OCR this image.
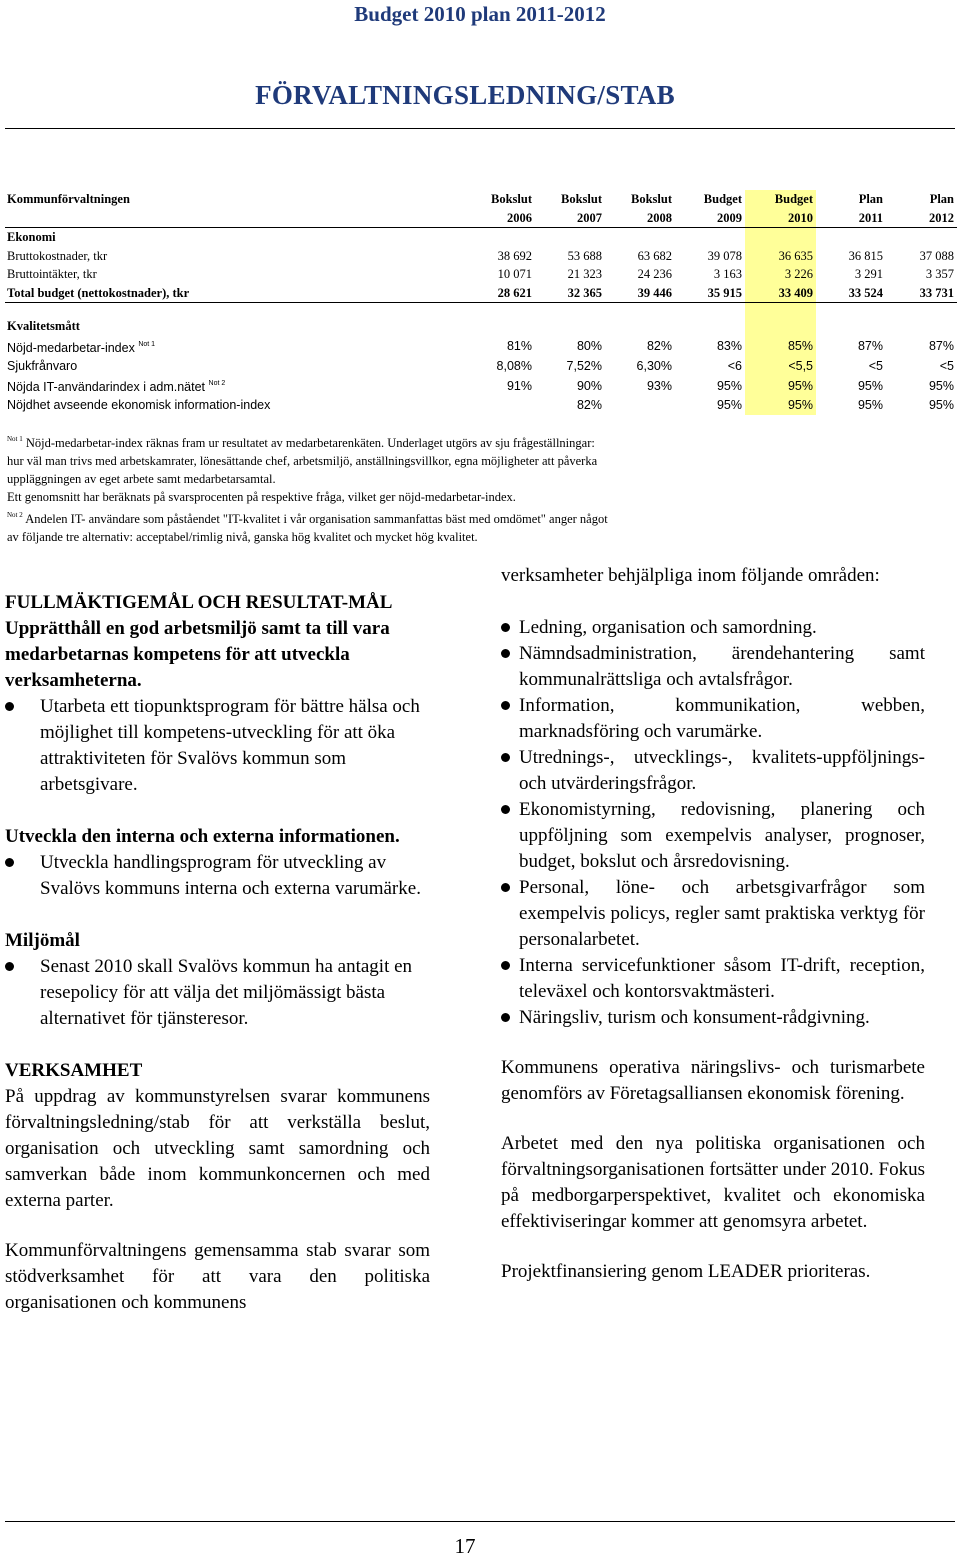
Budget 2010 plan 2011-2012
FÖRVALTNINGSLEDNING/STAB
Kommunförvaltningen	Bokslut	Bokslut	Bokslut	Budget	Budget	Plan	Plan
	2006	2007	2008	2009	2010	2011	2012
Ekonomi							
Bruttokostnader, tkr	38 692	53 688	63 682	39 078	36 635	36 815	37 088
Bruttointäkter, tkr	10 071	21 323	24 236	3 163	3 226	3 291	3 357
Total budget (nettokostnader), tkr	28 621	32 365	39 446	35 915	33 409	33 524	33 731

Kvalitetsmått							
Nöjd-medarbetar-index $^{Not 1}$	81%	80%	82%	83%	85%	87%	87%
Sjukfrånvaro	8,08%	7,52%	6,30%	<6	<5,5	<5	<5
Nöjda IT-användarindex i adm.nätet $^{Not 2}$	91%	90%	93%	95%	95%	95%	95%
Nöjdhet avseende ekonomisk information-index		82%		95%	95%	95%	95%

$^{Not 1}$ Nöjd-medarbetar-index räknas fram ur resultatet av medarbetarenkäten. Underlaget utgörs av sju frågeställningar:

hur väl man trivs med arbetskamrater, lönesättande chef, arbetsmiljö, anställningsvillkor, egna möjligheter att påverka

uppläggningen av eget arbete samt medarbetarsamtal.

Ett genomsnitt har beräknats på svarsprocenten på respektive fråga, vilket ger nöjd-medarbetar-index.

$^{Not 2}$ Andelen IT- användare som påståendet "IT-kvalitet i vår organisation sammanfattas bäst med omdömet" anger något

av följande tre alternativ: acceptabel/rimlig nivå, ganska hög kvalitet och mycket hög kvalitet.

FULLMÄKTIGEMÅL OCH RESULTAT-MÅL

Upprätthåll en god arbetsmiljö samt ta till vara medarbetarnas kompetens för att utveckla verksamheterna.

Utarbeta ett tiopunktsprogram för bättre hälsa och möjlighet till kompetens-utveckling för att öka attraktiviteten för Svalövs kommun som arbetsgivare.

Utveckla den interna och externa informationen.

Utveckla handlingsprogram för utveckling av Svalövs kommuns interna och externa varumärke.

Miljömål

Senast 2010 skall Svalövs kommun ha antagit en resepolicy för att välja det miljömässigt bästa alternativet för tjänsteresor.

VERKSAMHET

På uppdrag av kommunstyrelsen svarar kommunens förvaltningsledning/stab för att verkställa beslut, organisation och utveckling samt samordning och samverkan både inom kommunkoncernen och med externa parter.

Kommunförvaltningens gemensamma stab svarar som stödverksamhet för att vara den politiska organisationen och kommunens

verksamheter behjälpliga inom följande områden:

Ledning, organisation och samordning.
Nämndsadministration, ärendehantering samt kommunalrättsliga och avtalsfrågor.
Information, kommunikation, webben, marknadsföring och varumärke.
Utrednings-, utvecklings-, kvalitets-uppföljnings- och utvärderingsfrågor.
Ekonomistyrning, redovisning, planering och uppföljning som exempelvis analyser, prognoser, budget, bokslut och årsredovisning.
Personal, löne- och arbetsgivarfrågor som exempelvis policys, regler samt praktiska verktyg för personalarbetet.
Interna servicefunktioner såsom IT-drift, reception, televäxel och kontorsvaktmästeri.
Näringsliv, turism och konsument-rådgivning.

Kommunens operativa näringslivs- och turismarbete genomförs av Företagsalliansen ekonomisk förening.

Arbetet med den nya politiska organisationen och förvaltningsorganisationen fortsätter under 2010. Fokus på medborgarperspektivet, kvalitet och ekonomiska effektiviseringar kommer att genomsyra arbetet.

Projektfinansiering genom LEADER prioriteras.

17
